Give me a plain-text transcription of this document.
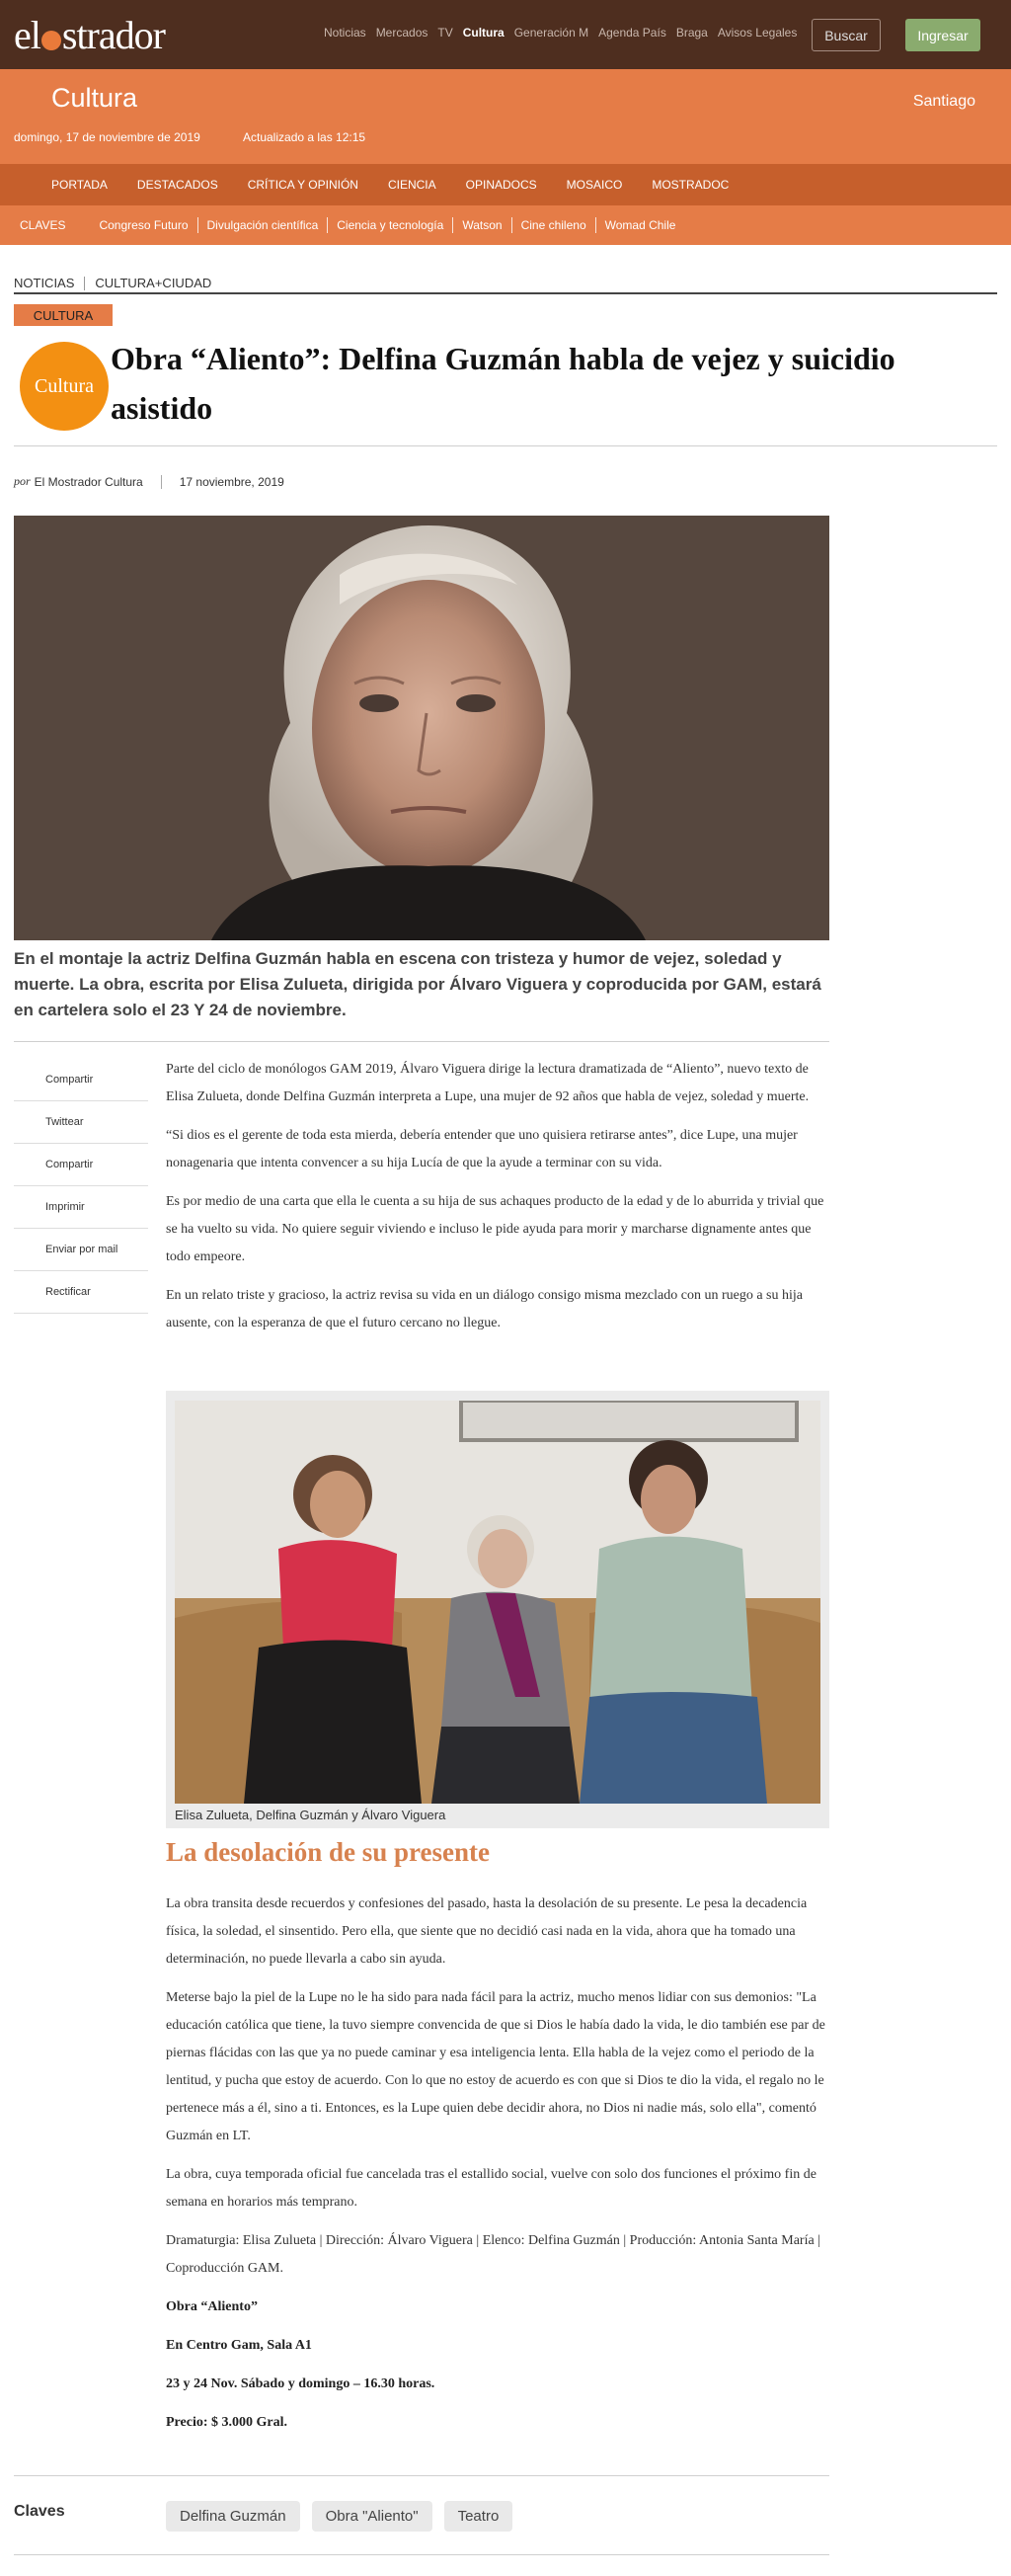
el strador	Noticias Mercados TV Cultura Generación M Agenda País Braga Avisos Legales	Buscar	Ingresar
Cultura	Santiago
domingo, 17 de noviembre de 2019	Actualizado a las 12:15
PORTADA	DESTACADOS	CRÍTICA Y OPINIÓN	CIENCIA	OPINADOCS	MOSAICO	MOSTRADOC
CLAVES	Congreso Futuro Divulgación científica Ciencia y tecnología Watson Cine chileno Womad Chile
NOTICIAS CULTURA+CIUDAD
CULTURA
Cultura
Obra “Aliento”: Delfina Guzmán habla de vejez y suicidio asistido
por El Mostrador Cultura	17 noviembre, 2019

En el montaje la actriz Delfina Guzmán habla en escena con tristeza y humor de vejez, soledad y muerte. La obra, escrita por Elisa Zulueta, dirigida por Álvaro Viguera y coproducida por GAM, estará en cartelera solo el 23 Y 24 de noviembre.

Compartir
Twittear
Compartir
Imprimir
Enviar por mail
Rectificar

Parte del ciclo de monólogos GAM 2019, Álvaro Viguera dirige la lectura dramatizada de “Aliento”, nuevo texto de Elisa Zulueta, donde Delfina Guzmán interpreta a Lupe, una mujer de 92 años que habla de vejez, soledad y muerte.

“Si dios es el gerente de toda esta mierda, debería entender que uno quisiera retirarse antes”, dice Lupe, una mujer nonagenaria que intenta convencer a su hija Lucía de que la ayude a terminar con su vida.

Es por medio de una carta que ella le cuenta a su hija de sus achaques producto de la edad y de lo aburrida y trivial que se ha vuelto su vida. No quiere seguir viviendo e incluso le pide ayuda para morir y marcharse dignamente antes que todo empeore.

En un relato triste y gracioso, la actriz revisa su vida en un diálogo consigo misma mezclado con un ruego a su hija ausente, con la esperanza de que el futuro cercano no llegue.

Elisa Zulueta, Delfina Guzmán y Álvaro Viguera
La desolación de su presente

La obra transita desde recuerdos y confesiones del pasado, hasta la desolación de su presente. Le pesa la decadencia física, la soledad, el sinsentido. Pero ella, que siente que no decidió casi nada en la vida, ahora que ha tomado una determinación, no puede llevarla a cabo sin ayuda.

Meterse bajo la piel de la Lupe no le ha sido para nada fácil para la actriz, mucho menos lidiar con sus demonios: "La educación católica que tiene, la tuvo siempre convencida de que si Dios le había dado la vida, le dio también ese par de piernas flácidas con las que ya no puede caminar y esa inteligencia lenta. Ella habla de la vejez como el periodo de la lentitud, y pucha que estoy de acuerdo. Con lo que no estoy de acuerdo es con que si Dios te dio la vida, el regalo no le pertenece más a él, sino a ti. Entonces, es la Lupe quien debe decidir ahora, no Dios ni nadie más, solo ella", comentó Guzmán en LT.

La obra, cuya temporada oficial fue cancelada tras el estallido social, vuelve con solo dos funciones el próximo fin de semana en horarios más temprano.

Dramaturgia: Elisa Zulueta | Dirección: Álvaro Viguera | Elenco: Delfina Guzmán | Producción: Antonia Santa María | Coproducción GAM.

Obra “Aliento”

En Centro Gam, Sala A1

23 y 24 Nov. Sábado y domingo – 16.30 horas.

Precio: $ 3.000 Gral.

Claves	Delfina Guzmán	Obra "Aliento"	Teatro
